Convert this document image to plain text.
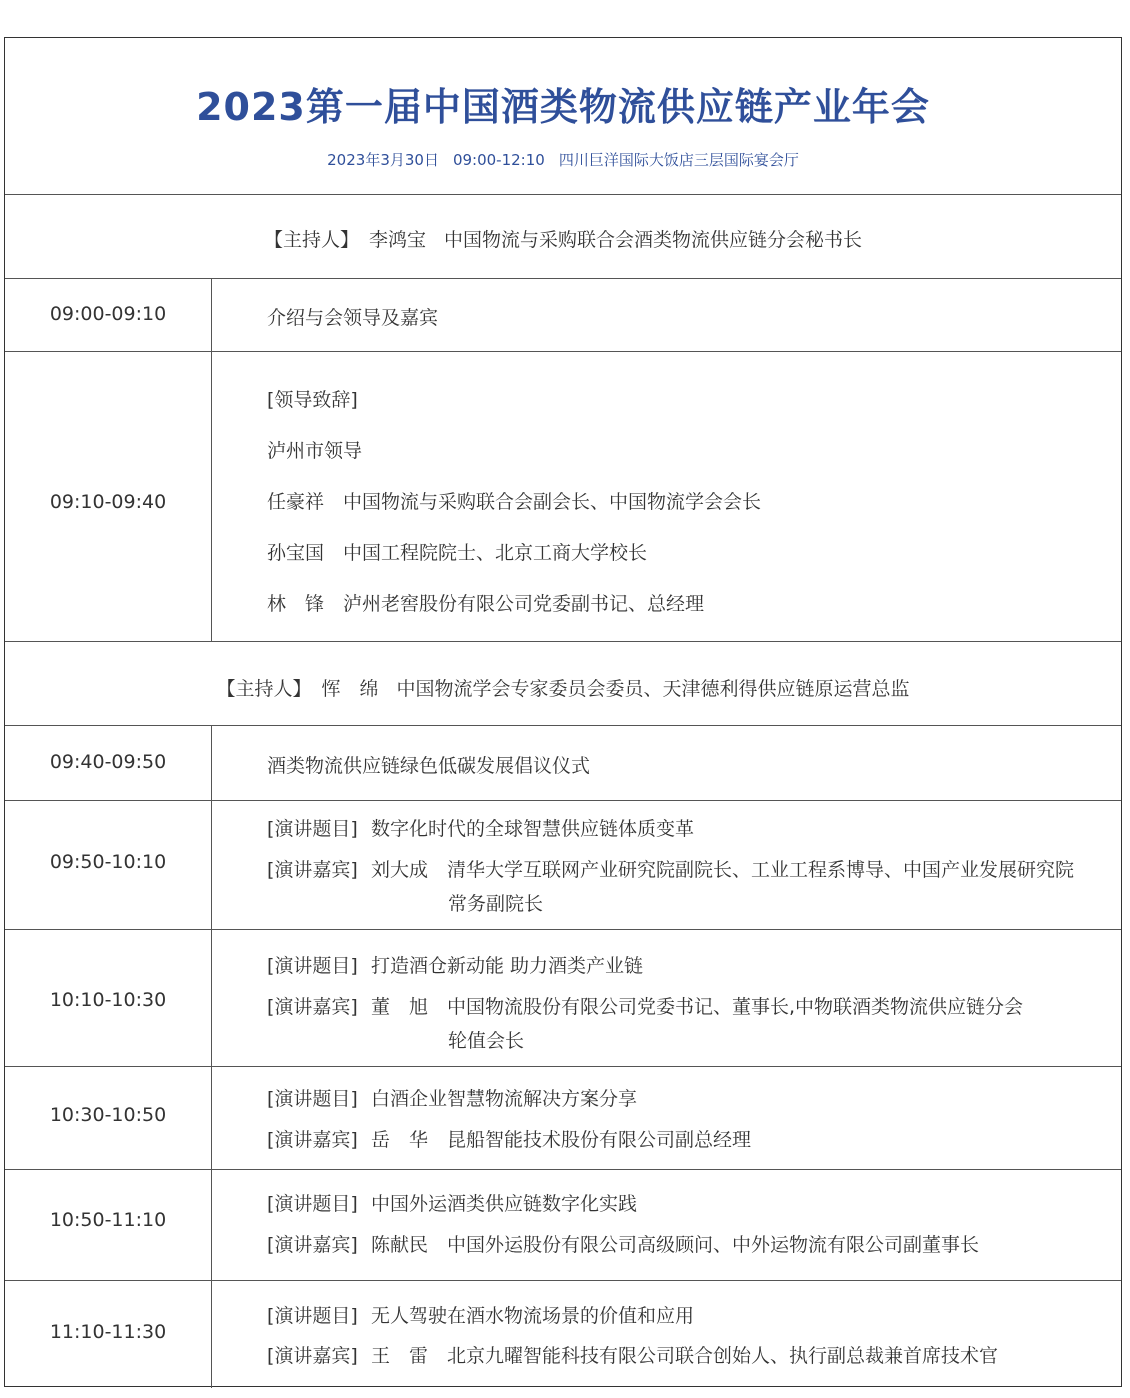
2023第一届中国酒类物流供应链产业年会
2023年3月30日 09:00-12:10 四川巨洋国际大饭店三层国际宴会厅
【主持人】 李鸿宝 中国物流与采购联合会酒类物流供应链分会秘书长
09:00-09:10	介绍与会领导及嘉宾
09:10-09:40
[领导致辞]
泸州市领导
任豪祥　中国物流与采购联合会副会长、中国物流学会会长
孙宝国　中国工程院院士、北京工商大学校长
林　锋　泸州老窖股份有限公司党委副书记、总经理
【主持人】 恽　绵 中国物流学会专家委员会委员、天津德利得供应链原运营总监
09:40-09:50	酒类物流供应链绿色低碳发展倡议仪式
09:50-10:10
[演讲题目] 数字化时代的全球智慧供应链体质变革
[演讲嘉宾] 刘大成　清华大学互联网产业研究院副院长、工业工程系博导、中国产业发展研究院
常务副院长
10:10-10:30
[演讲题目] 打造酒仓新动能 助力酒类产业链
[演讲嘉宾] 董　旭　中国物流股份有限公司党委书记、董事长,中物联酒类物流供应链分会
轮值会长
10:30-10:50
[演讲题目] 白酒企业智慧物流解决方案分享
[演讲嘉宾] 岳　华　昆船智能技术股份有限公司副总经理
10:50-11:10
[演讲题目] 中国外运酒类供应链数字化实践
[演讲嘉宾] 陈献民　中国外运股份有限公司高级顾问、中外运物流有限公司副董事长
11:10-11:30
[演讲题目] 无人驾驶在酒水物流场景的价值和应用
[演讲嘉宾] 王　雷　北京九曜智能科技有限公司联合创始人、执行副总裁兼首席技术官
